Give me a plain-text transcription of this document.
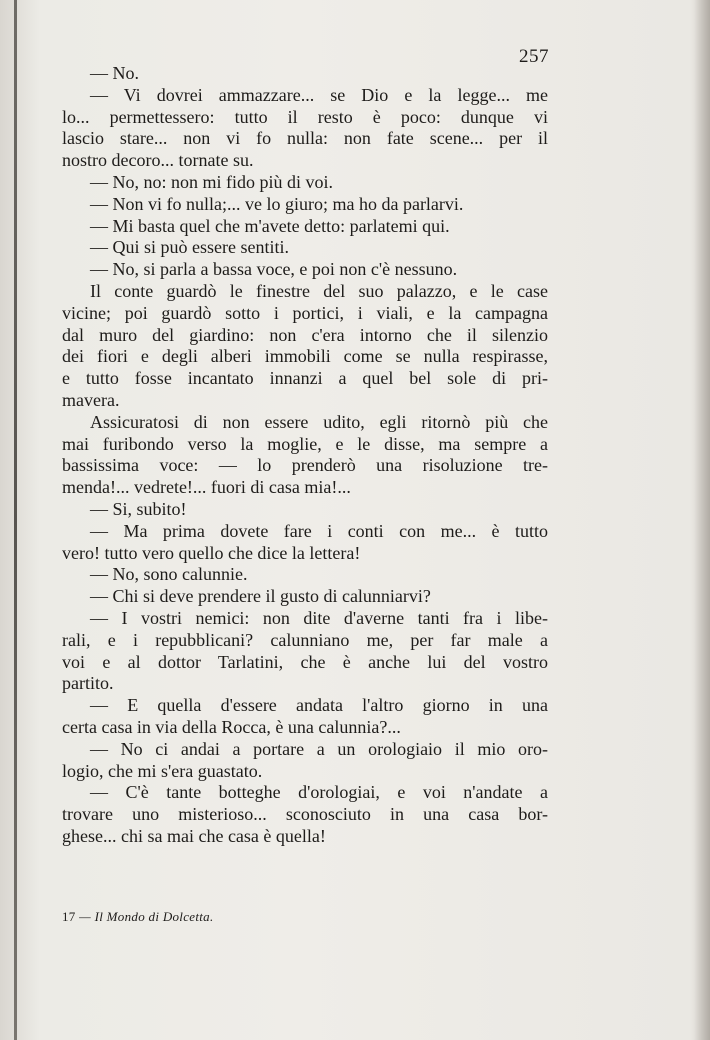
257
— No.
— Vi dovrei ammazzare... se Dio e la legge... me
lo... permettessero: tutto il resto è poco: dunque vi
lascio stare... non vi fo nulla: non fate scene... per il
nostro decoro... tornate su.
— No, no: non mi fido più di voi.
— Non vi fo nulla;... ve lo giuro; ma ho da parlarvi.
— Mi basta quel che m'avete detto: parlatemi qui.
— Qui si può essere sentiti.
— No, si parla a bassa voce, e poi non c'è nessuno.
Il conte guardò le finestre del suo palazzo, e le case
vicine; poi guardò sotto i portici, i viali, e la campagna
dal muro del giardino: non c'era intorno che il silenzio
dei fiori e degli alberi immobili come se nulla respirasse,
e tutto fosse incantato innanzi a quel bel sole di pri-
mavera.
Assicuratosi di non essere udito, egli ritornò più che
mai furibondo verso la moglie, e le disse, ma sempre a
bassissima voce: — lo prenderò una risoluzione tre-
menda!... vedrete!... fuori di casa mia!...
— Si, subito!
— Ma prima dovete fare i conti con me... è tutto
vero! tutto vero quello che dice la lettera!
— No, sono calunnie.
— Chi si deve prendere il gusto di calunniarvi?
— I vostri nemici: non dite d'averne tanti fra i libe-
rali, e i repubblicani? calunniano me, per far male a
voi e al dottor Tarlatini, che è anche lui del vostro
partito.
— E quella d'essere andata l'altro giorno in una
certa casa in via della Rocca, è una calunnia?...
— No ci andai a portare a un orologiaio il mio oro-
logio, che mi s'era guastato.
— C'è tante botteghe d'orologiai, e voi n'andate a
trovare uno misterioso... sconosciuto in una casa bor-
ghese... chi sa mai che casa è quella!
17 — Il Mondo di Dolcetta.
